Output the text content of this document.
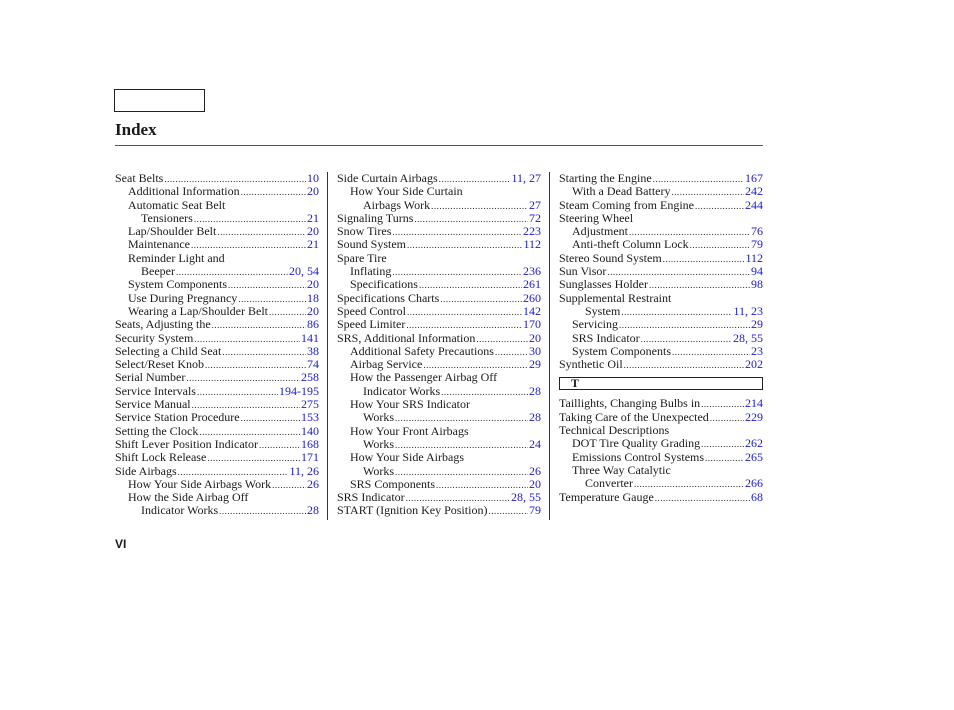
Index
Seat Belts .....	10
Additional Information .....	20
Automatic Seat Belt
Tensioners .....	21
Lap/Shoulder Belt .....	20
Maintenance .....	21
Reminder Light and
Beeper .....	20, 54
System Components .....	20
Use During Pregnancy .....	18
Wearing a Lap/Shoulder Belt .....	20
Seats, Adjusting the .....	86
Security System .....	141
Selecting a Child Seat .....	38
Select/Reset Knob .....	74
Serial Number .....	258
Service Intervals .....	194-195
Service Manual .....	275
Service Station Procedure .....	153
Setting the Clock .....	140
Shift Lever Position Indicator .....	168
Shift Lock Release .....	171
Side Airbags .....	11, 26
How Your Side Airbags Work .....	26
How the Side Airbag Off
Indicator Works .....	28
Side Curtain Airbags .....	11, 27
How Your Side Curtain
Airbags Work .....	27
Signaling Turns .....	72
Snow Tires .....	223
Sound System .....	112
Spare Tire
Inflating .....	236
Specifications .....	261
Specifications Charts .....	260
Speed Control .....	142
Speed Limiter .....	170
SRS, Additional Information .....	20
Additional Safety Precautions .....	30
Airbag Service .....	29
How the Passenger Airbag Off
Indicator Works .....	28
How Your SRS Indicator
Works .....	28
How Your Front Airbags
Works .....	24
How Your Side Airbags
Works .....	26
SRS Components .....	20
SRS Indicator .....	28, 55
START (Ignition Key Position) .....	79
Starting the Engine .....	167
With a Dead Battery .....	242
Steam Coming from Engine .....	244
Steering Wheel
Adjustment .....	76
Anti-theft Column Lock .....	79
Stereo Sound System .....	112
Sun Visor .....	94
Sunglasses Holder .....	98
Supplemental Restraint
System .....	11, 23
Servicing .....	29
SRS Indicator .....	28, 55
System Components .....	23
Synthetic Oil .....	202
T
Taillights, Changing Bulbs in .....	214
Taking Care of the Unexpected .....	229
Technical Descriptions
DOT Tire Quality Grading .....	262
Emissions Control Systems .....	265
Three Way Catalytic
Converter .....	266
Temperature Gauge .....	68
VI
